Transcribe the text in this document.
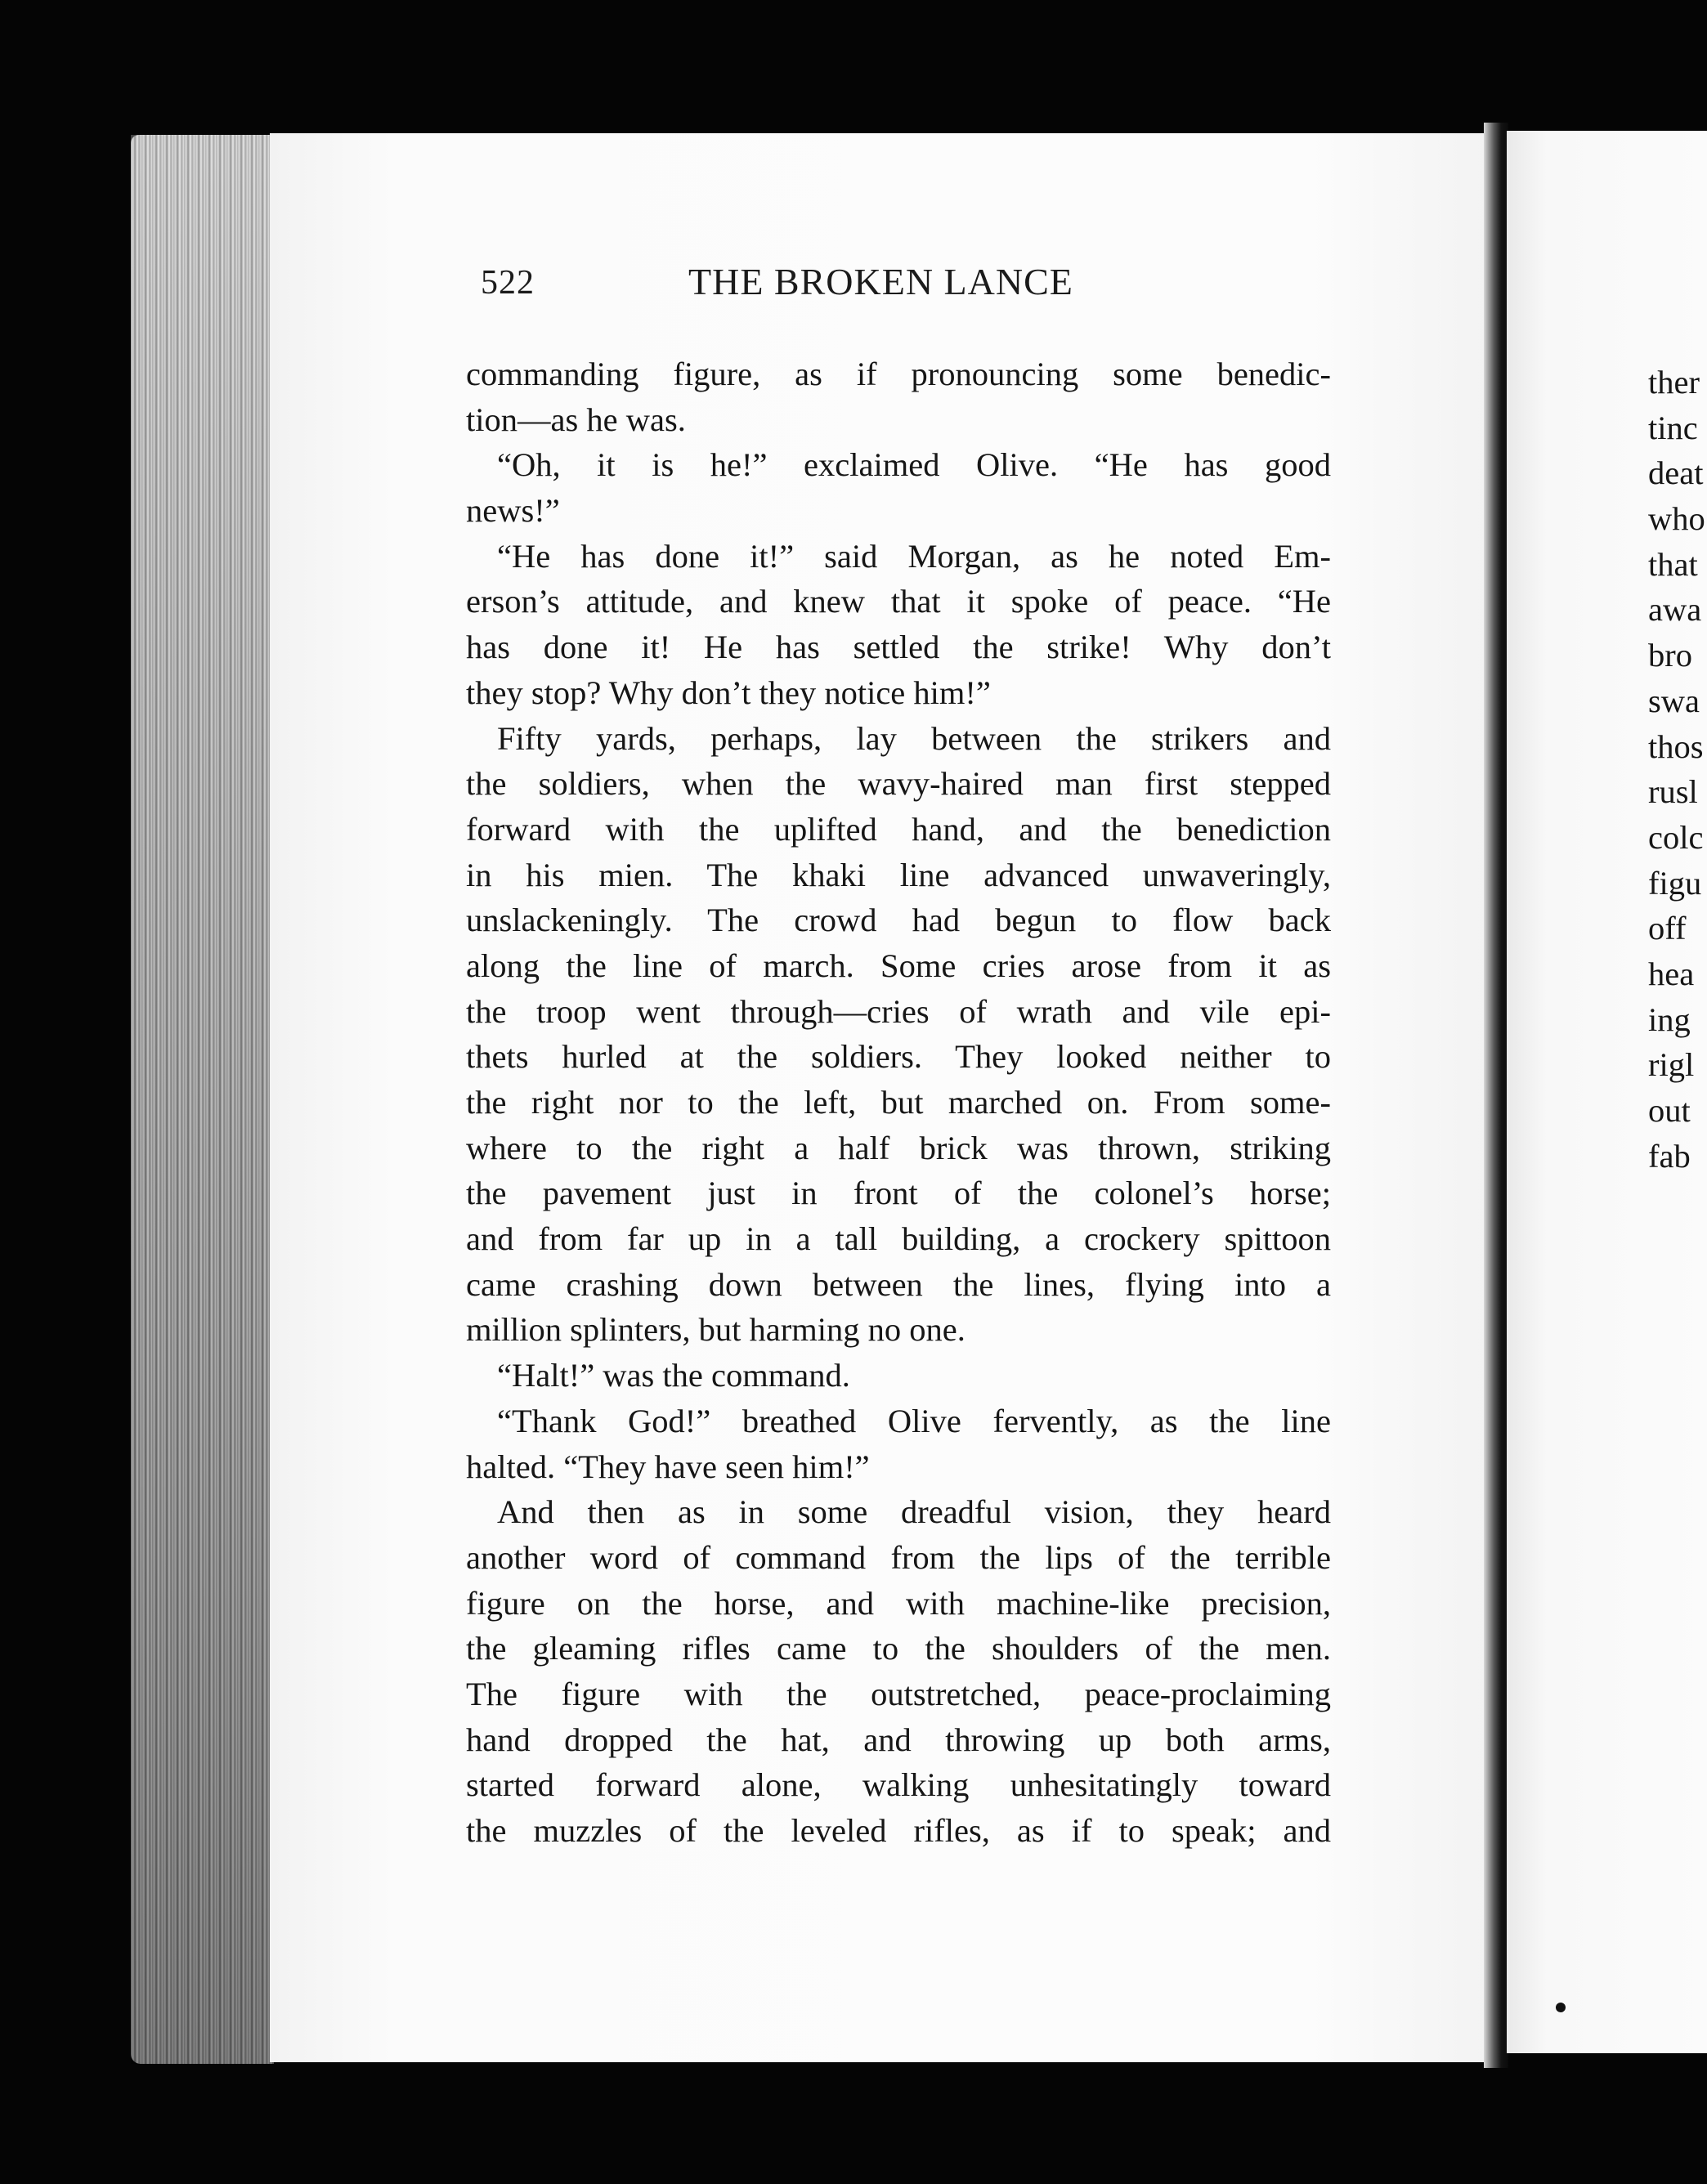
522	THE BROKEN LANCE
commanding figure, as if pronouncing some benedic-
tion—as he was.
“Oh, it is he!” exclaimed Olive. “He has good
news!”
“He has done it!” said Morgan, as he noted Em-
erson’s attitude, and knew that it spoke of peace. “He
has done it! He has settled the strike! Why don’t
they stop? Why don’t they notice him!”
Fifty yards, perhaps, lay between the strikers and
the soldiers, when the wavy-haired man first stepped
forward with the uplifted hand, and the benediction
in his mien. The khaki line advanced unwaveringly,
unslackeningly. The crowd had begun to flow back
along the line of march. Some cries arose from it as
the troop went through—cries of wrath and vile epi-
thets hurled at the soldiers. They looked neither to
the right nor to the left, but marched on. From some-
where to the right a half brick was thrown, striking
the pavement just in front of the colonel’s horse;
and from far up in a tall building, a crockery spittoon
came crashing down between the lines, flying into a
million splinters, but harming no one.
“Halt!” was the command.
“Thank God!” breathed Olive fervently, as the line
halted. “They have seen him!”
And then as in some dreadful vision, they heard
another word of command from the lips of the terrible
figure on the horse, and with machine-like precision,
the gleaming rifles came to the shoulders of the men.
The figure with the outstretched, peace-proclaiming
hand dropped the hat, and throwing up both arms,
started forward alone, walking unhesitatingly toward
the muzzles of the leveled rifles, as if to speak; and
ther
tinc
deat
who
that
awa
bro
swa
thos
rusl
colc
figu
off
hea
ing
rigl
out
fab
